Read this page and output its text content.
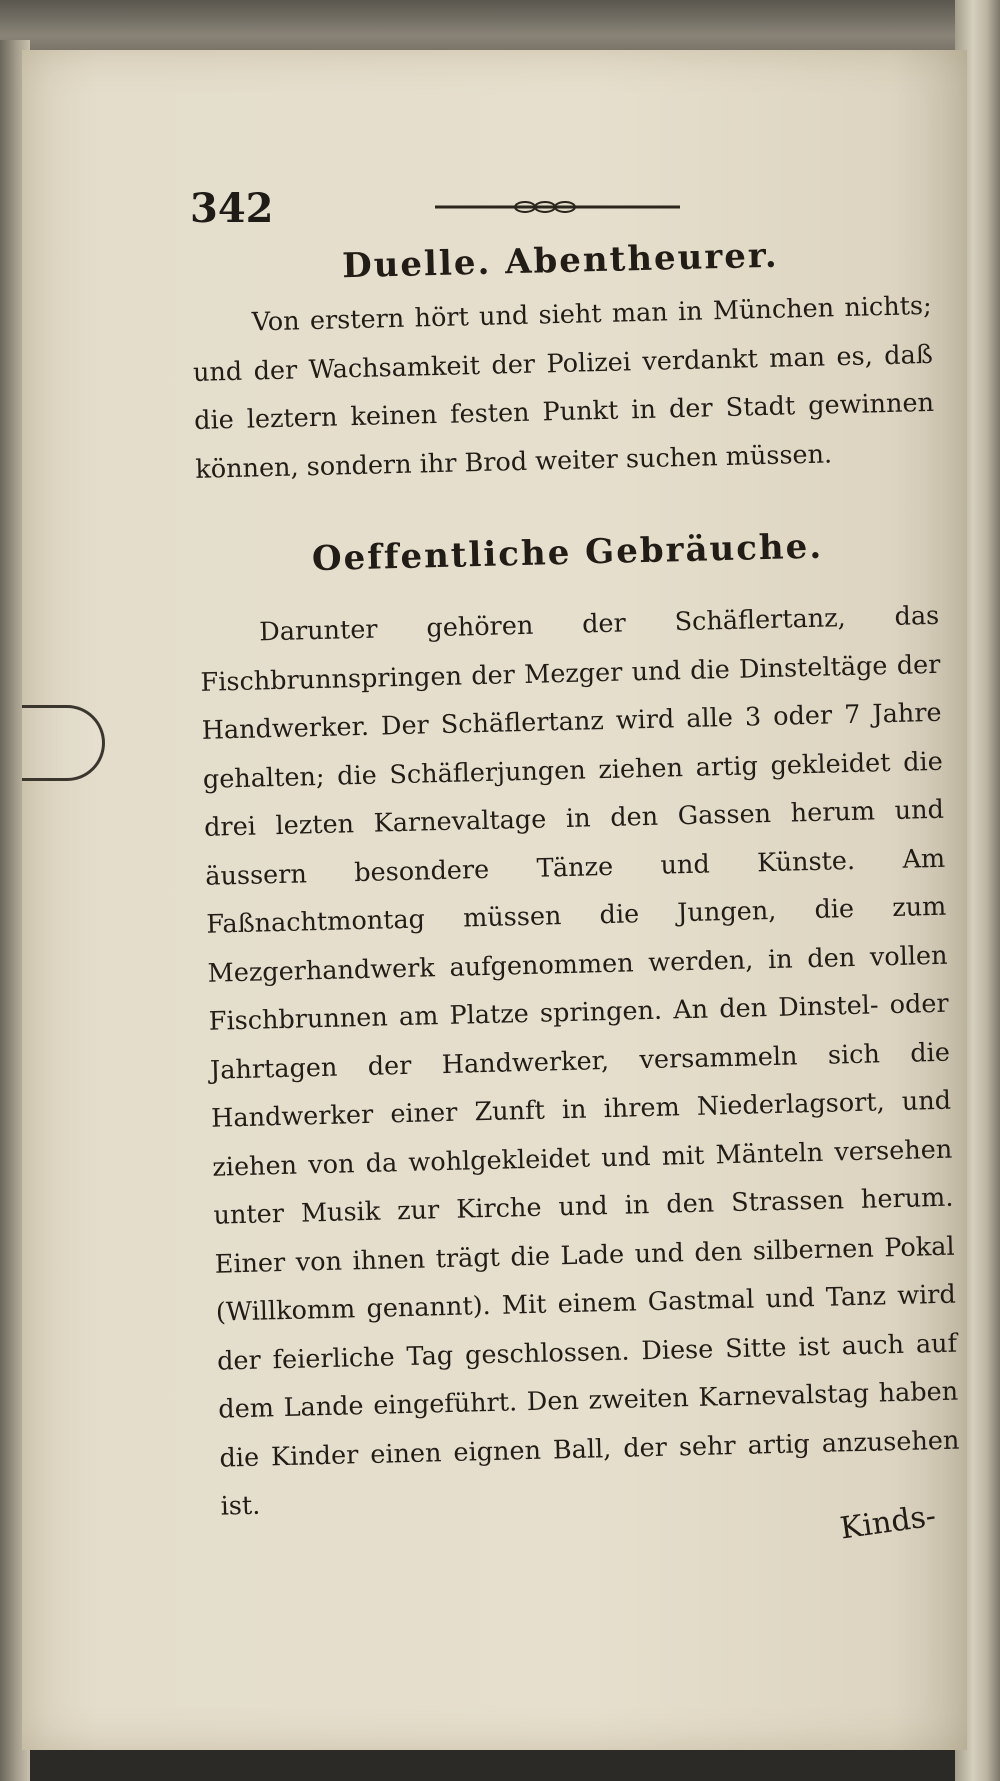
342
Duelle. Abentheurer.

Von erstern hört und sieht man in München nichts; und der Wachsamkeit der Polizei verdankt man es, daß die leztern keinen festen Punkt in der Stadt gewinnen können, sondern ihr Brod weiter suchen müssen.

Oeffentliche Gebräuche.

Darunter gehören der Schäflertanz, das Fischbrunnspringen der Mezger und die Dinsteltäge der Handwerker. Der Schäflertanz wird alle 3 oder 7 Jahre gehalten; die Schäflerjungen ziehen artig gekleidet die drei lezten Karnevaltage in den Gassen herum und äussern besondere Tänze und Künste. Am Faßnachtmontag müssen die Jungen, die zum Mezgerhandwerk aufgenommen werden, in den vollen Fischbrunnen am Platze springen. An den Dinstel- oder Jahrtagen der Handwerker, versammeln sich die Handwerker einer Zunft in ihrem Niederlagsort, und ziehen von da wohlgekleidet und mit Mänteln versehen unter Musik zur Kirche und in den Strassen herum. Einer von ihnen trägt die Lade und den silbernen Pokal (Willkomm genannt). Mit einem Gastmal und Tanz wird der feierliche Tag geschlossen. Diese Sitte ist auch auf dem Lande eingeführt. Den zweiten Karnevalstag haben die Kinder einen eignen Ball, der sehr artig anzusehen ist.	Kinds-
